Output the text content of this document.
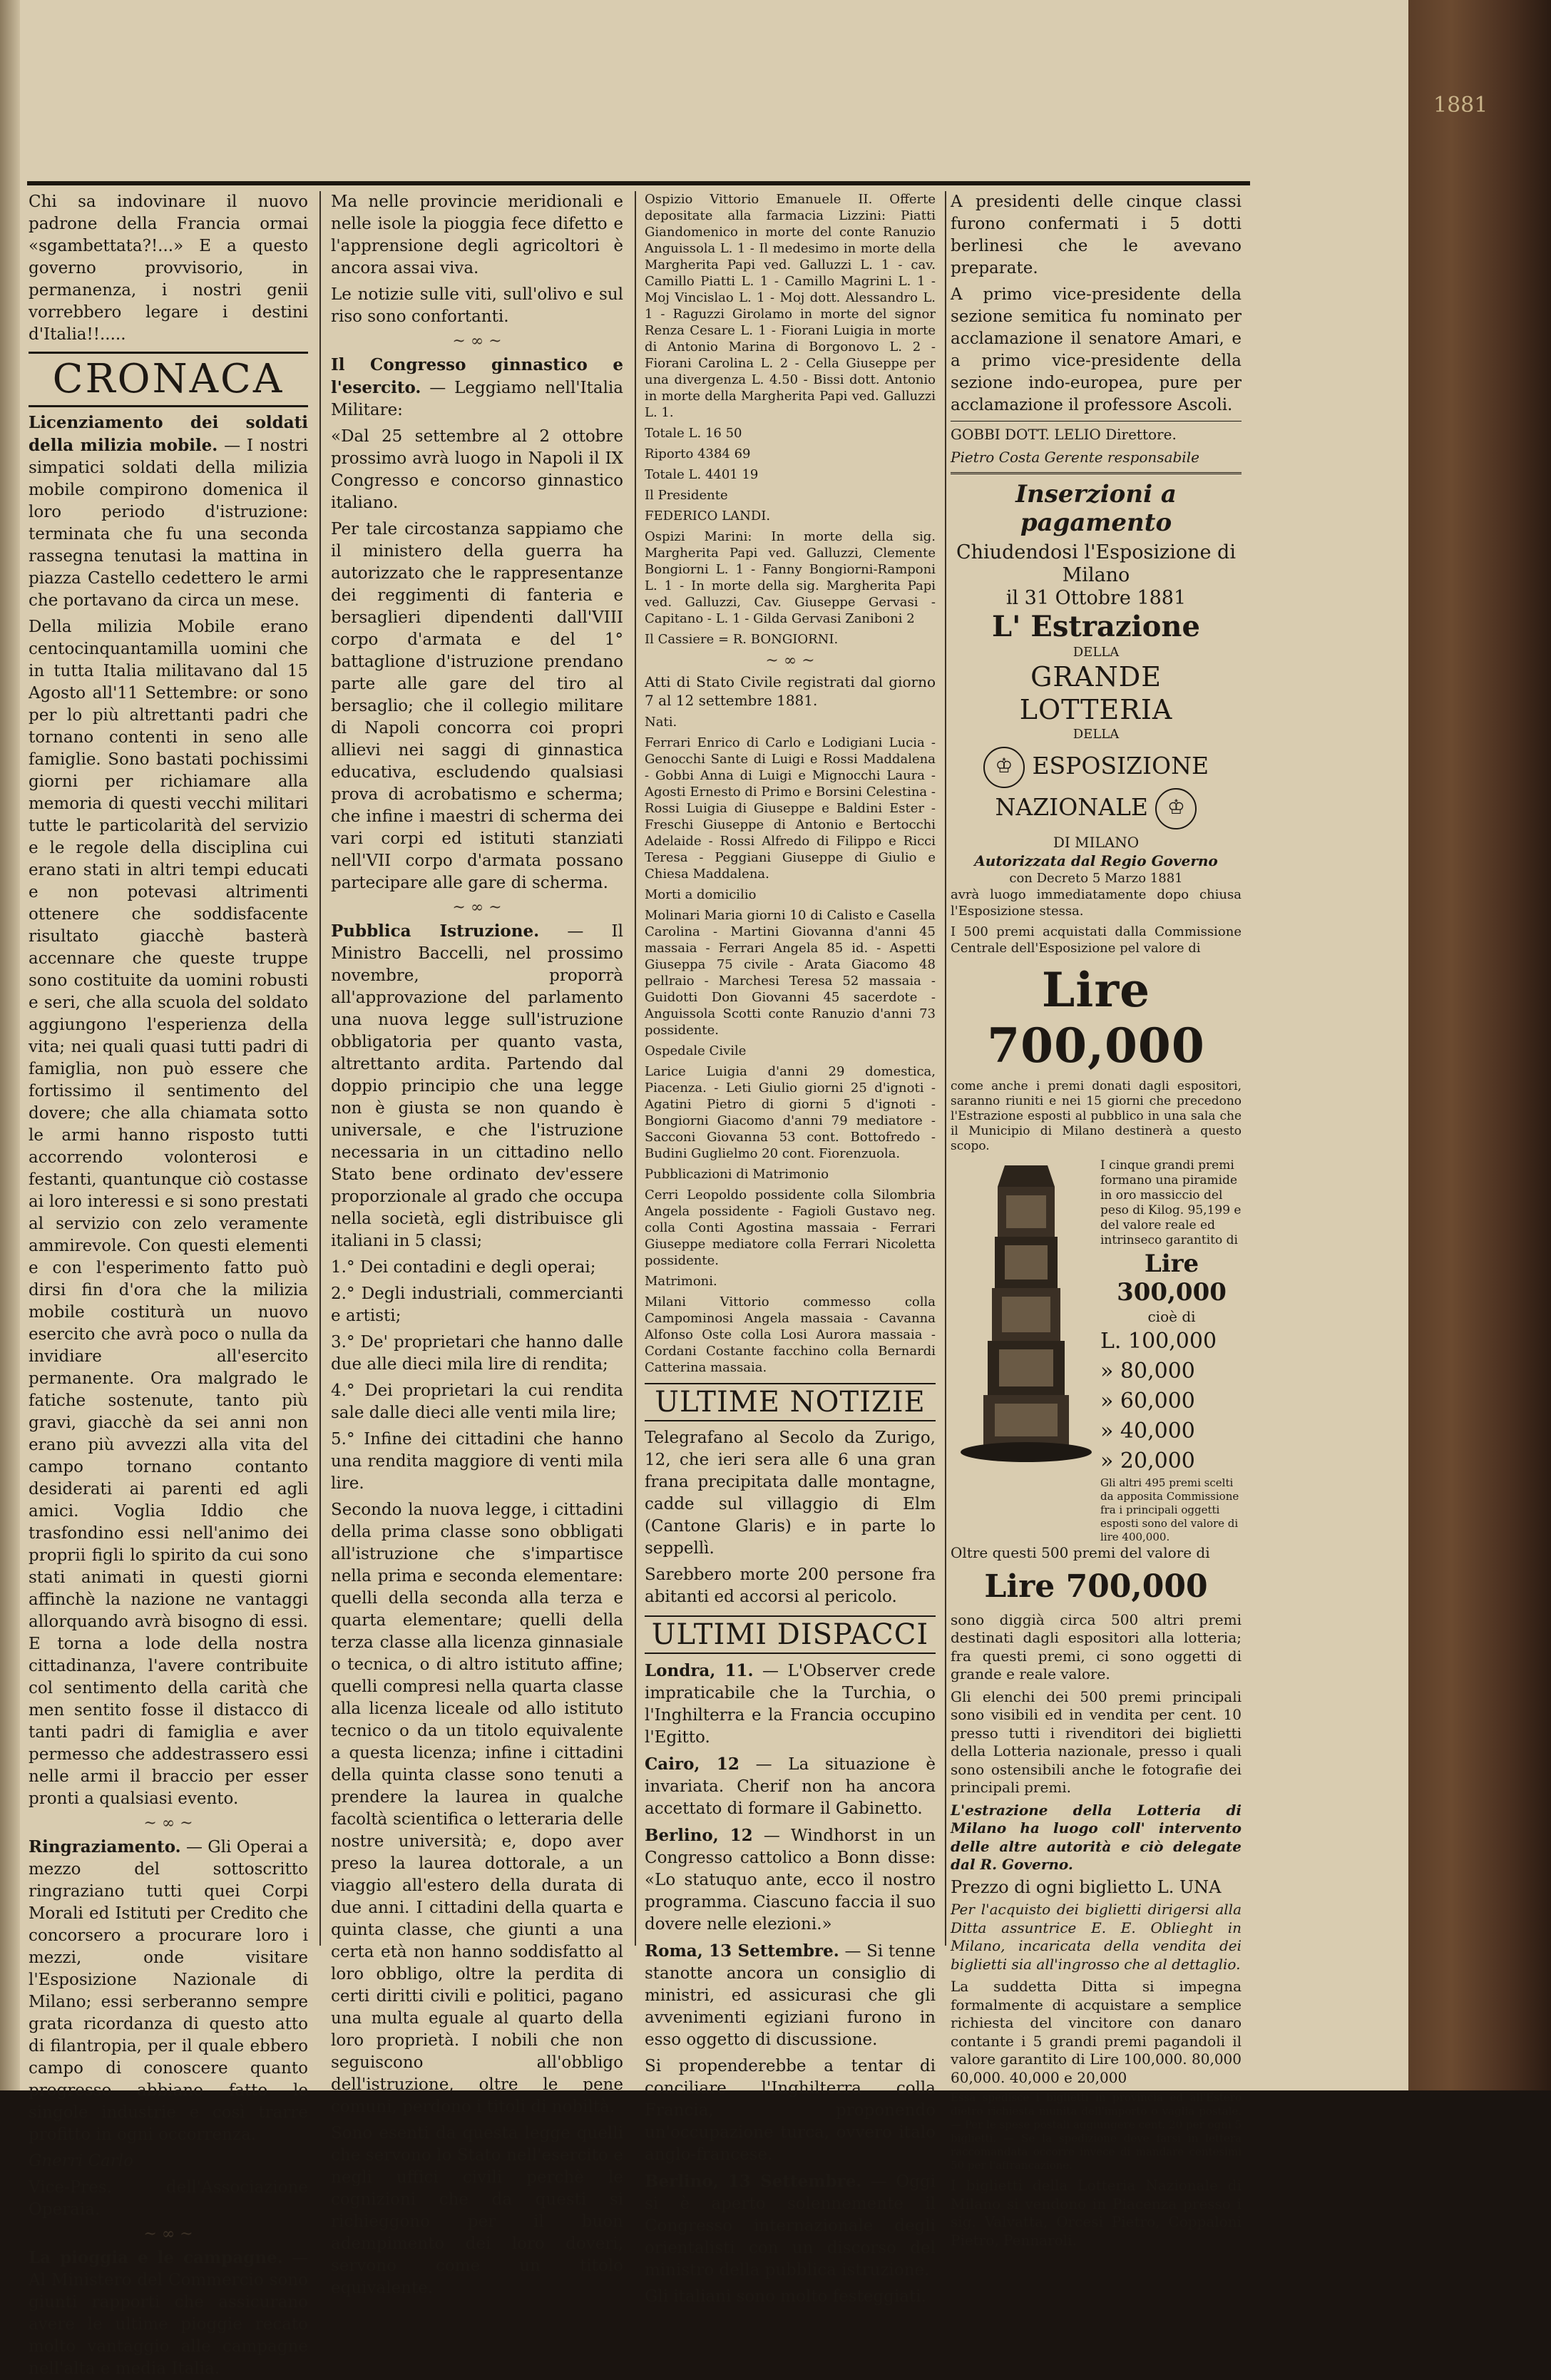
1881

Chi sa indovinare il nuovo padrone della Francia ormai «sgambettata?!...» E a questo governo provvisorio, in permanenza, i nostri genii vorrebbero legare i destini d'Italia!!.....

CRONACA

Licenziamento dei soldati della milizia mobile. — I nostri simpatici soldati della milizia mobile compirono domenica il loro periodo d'istruzione: terminata che fu una seconda rassegna tenutasi la mattina in piazza Castello cedettero le armi che portavano da circa un mese.

Della milizia Mobile erano centocinquantamilla uomini che in tutta Italia militavano dal 15 Agosto all'11 Settembre: or sono per lo più altrettanti padri che tornano contenti in seno alle famiglie. Sono bastati pochissimi giorni per richiamare alla memoria di questi vecchi militari tutte le particolarità del servizio e le regole della disciplina cui erano stati in altri tempi educati e non potevasi altrimenti ottenere che soddisfacente risultato giacchè basterà accennare che queste truppe sono costituite da uomini robusti e seri, che alla scuola del soldato aggiungono l'esperienza della vita; nei quali quasi tutti padri di famiglia, non può essere che fortissimo il sentimento del dovere; che alla chiamata sotto le armi hanno risposto tutti accorrendo volonterosi e festanti, quantunque ciò costasse ai loro interessi e si sono prestati al servizio con zelo veramente ammirevole. Con questi elementi e con l'esperimento fatto può dirsi fin d'ora che la milizia mobile costiturà un nuovo esercito che avrà poco o nulla da invidiare all'esercito permanente. Ora malgrado le fatiche sostenute, tanto più gravi, giacchè da sei anni non erano più avvezzi alla vita del campo tornano contanto desiderati ai parenti ed agli amici. Voglia Iddio che trasfondino essi nell'animo dei proprii figli lo spirito da cui sono stati animati in questi giorni affinchè la nazione ne vantaggi allorquando avrà bisogno di essi. E torna a lode della nostra cittadinanza, l'avere contribuite col sentimento della carità che men sentito fosse il distacco di tanti padri di famiglia e aver permesso che addestrassero essi nelle armi il braccio per esser pronti a qualsiasi evento.

~ ∞ ~

Ringraziamento. — Gli Operai a mezzo del sottoscritto ringraziano tutti quei Corpi Morali ed Istituti per Credito che concorsero a procurare loro i mezzi, onde visitare l'Esposizione Nazionale di Milano; essi serberanno sempre grata ricordanza di questo atto di filantropia, per il quale ebbero campo di conoscere quanto progresso abbiano fatto le singole industrie e così trarre profitto in ogni occorrenza.

Gnerri Carlo

Vice-Pres. dell'Associazione Operaia.

~ ∞ ~

La pioggia e le campagne. — Al Ministero del Commercio sono giunti rapporti che assicurano avere le ultime pioggie recato molto vantaggio alle campagne nell'alta e media Italia.

Ma nelle provincie meridionali e nelle isole la pioggia fece difetto e l'apprensione degli agricoltori è ancora assai viva.

Le notizie sulle viti, sull'olivo e sul riso sono confortanti.

~ ∞ ~

Il Congresso ginnastico e l'esercito. — Leggiamo nell'Italia Militare:

«Dal 25 settembre al 2 ottobre prossimo avrà luogo in Napoli il IX Congresso e concorso ginnastico italiano.

Per tale circostanza sappiamo che il ministero della guerra ha autorizzato che le rappresentanze dei reggimenti di fanteria e bersaglieri dipendenti dall'VIII corpo d'armata e del 1° battaglione d'istruzione prendano parte alle gare del tiro al bersaglio; che il collegio militare di Napoli concorra coi propri allievi nei saggi di ginnastica educativa, escludendo qualsiasi prova di acrobatismo e scherma; che infine i maestri di scherma dei vari corpi ed istituti stanziati nell'VII corpo d'armata possano partecipare alle gare di scherma.

~ ∞ ~

Pubblica Istruzione. — Il Ministro Baccelli, nel prossimo novembre, proporrà all'approvazione del parlamento una nuova legge sull'istruzione obbligatoria per quanto vasta, altrettanto ardita. Partendo dal doppio principio che una legge non è giusta se non quando è universale, e che l'istruzione necessaria in un cittadino nello Stato bene ordinato dev'essere proporzionale al grado che occupa nella società, egli distribuisce gli italiani in 5 classi;

1.° Dei contadini e degli operai;

2.° Degli industriali, commercianti e artisti;

3.° De' proprietari che hanno dalle due alle dieci mila lire di rendita;

4.° Dei proprietari la cui rendita sale dalle dieci alle venti mila lire;

5.° Infine dei cittadini che hanno una rendita maggiore di venti mila lire.

Secondo la nuova legge, i cittadini della prima classe sono obbligati all'istruzione che s'impartisce nella prima e seconda elementare: quelli della seconda alla terza e quarta elementare; quelli della terza classe alla licenza ginnasiale o tecnica, o di altro istituto affine; quelli compresi nella quarta classe alla licenza liceale od allo istituto tecnico o da un titolo equivalente a questa licenza; infine i cittadini della quinta classe sono tenuti a prendere la laurea in qualche facoltà scientifica o letteraria delle nostre università; e, dopo aver preso la laurea dottorale, a un viaggio all'estero della durata di due anni. I cittadini della quarta e quinta classe, che giunti a una certa età non hanno soddisfatto al loro obbligo, oltre la perdita di certi diritti civili e politici, pagano una multa eguale al quarto della loro proprietà. I nobili che non seguiscono all'obbligo dell'istruzione, oltre le pene comuni, perdono i titoli di nobiltà.

Sono esenti da questa legge quelli che servono lo Stato nell'esercito e negli uffici civili perchè le cognizioni che da questi si richieggono per il buon adempimento dei loro doveri, servono come un titolo equivalente.

Ospizio Vittorio Emanuele II. Offerte depositate alla farmacia Lizzini: Piatti Giandomenico in morte del conte Ranuzio Anguissola L. 1 - Il medesimo in morte della Margherita Papi ved. Galluzzi L. 1 - cav. Camillo Piatti L. 1 - Camillo Magrini L. 1 - Moj Vincislao L. 1 - Moj dott. Alessandro L. 1 - Raguzzi Girolamo in morte del signor Renza Cesare L. 1 - Fiorani Luigia in morte di Antonio Marina di Borgonovo L. 2 - Fiorani Carolina L. 2 - Cella Giuseppe per una divergenza L. 4.50 - Bissi dott. Antonio in morte della Margherita Papi ved. Galluzzi L. 1.

Totale L. 16 50

Riporto 4384 69

Totale L. 4401 19

Il Presidente

FEDERICO LANDI.

Ospizi Marini: In morte della sig. Margherita Papi ved. Galluzzi, Clemente Bongiorni L. 1 - Fanny Bongiorni-Ramponi L. 1 - In morte della sig. Margherita Papi ved. Galluzzi, Cav. Giuseppe Gervasi - Capitano - L. 1 - Gilda Gervasi Zaniboni 2

Il Cassiere = R. BONGIORNI.

~ ∞ ~

Atti di Stato Civile registrati dal giorno 7 al 12 settembre 1881.

Nati.

Ferrari Enrico di Carlo e Lodigiani Lucia - Genocchi Sante di Luigi e Rossi Maddalena - Gobbi Anna di Luigi e Mignocchi Laura - Agosti Ernesto di Primo e Borsini Celestina - Rossi Luigia di Giuseppe e Baldini Ester - Freschi Giuseppe di Antonio e Bertocchi Adelaide - Rossi Alfredo di Filippo e Ricci Teresa - Peggiani Giuseppe di Giulio e Chiesa Maddalena.

Morti a domicilio

Molinari Maria giorni 10 di Calisto e Casella Carolina - Martini Giovanna d'anni 45 massaia - Ferrari Angela 85 id. - Aspetti Giuseppa 75 civile - Arata Giacomo 48 pellraio - Marchesi Teresa 52 massaia - Guidotti Don Giovanni 45 sacerdote - Anguissola Scotti conte Ranuzio d'anni 73 possidente.

Ospedale Civile

Larice Luigia d'anni 29 domestica, Piacenza. - Leti Giulio giorni 25 d'ignoti - Agatini Pietro di giorni 5 d'ignoti - Bongiorni Giacomo d'anni 79 mediatore - Sacconi Giovanna 53 cont. Bottofredo - Budini Guglielmo 20 cont. Fiorenzuola.

Pubblicazioni di Matrimonio

Cerri Leopoldo possidente colla Silombria Angela possidente - Fagioli Gustavo neg. colla Conti Agostina massaia - Ferrari Giuseppe mediatore colla Ferrari Nicoletta possidente.

Matrimoni.

Milani Vittorio commesso colla Campominosi Angela massaia - Cavanna Alfonso Oste colla Losi Aurora massaia - Cordani Costante facchino colla Bernardi Catterina massaia.

ULTIME NOTIZIE

Telegrafano al Secolo da Zurigo, 12, che ieri sera alle 6 una gran frana precipitata dalle montagne, cadde sul villaggio di Elm (Cantone Glaris) e in parte lo seppellì.

Sarebbero morte 200 persone fra abitanti ed accorsi al pericolo.

ULTIMI DISPACCI

Londra, 11. — L'Observer crede impraticabile che la Turchia, o l'Inghilterra e la Francia occupino l'Egitto.

Cairo, 12 — La situazione è invariata. Cherif non ha ancora accettato di formare il Gabinetto.

Berlino, 12 — Windhorst in un Congresso cattolico a Bonn disse: «Lo statuquo ante, ecco il nostro programma. Ciascuno faccia il suo dovere nelle elezioni.»

Roma, 13 Settembre. — Si tenne stanotte ancora un consiglio di ministri, ed assicurasi che gli avvenimenti egiziani furono in esso oggetto di discussione.

Si propenderebbe a tentar di conciliare l'Inghilterra colla Francia, proponendo un'occupazione turca, ovvero italo anglo-francese.

Berlino, 13 Settembre. — Oggi si è aperto solennemente il Congresso internazionale degli orientalisti con un discorso del ministro della pubblica istruzione.

Gli italiani sono molto festeggiati.

A presidenti delle cinque classi furono confermati i 5 dotti berlinesi che le avevano preparate.

A primo vice-presidente della sezione semitica fu nominato per acclamazione il senatore Amari, e a primo vice-presidente della sezione indo-europea, pure per acclamazione il professore Ascoli.

GOBBI DOTT. LELIO Direttore.

Pietro Costa Gerente responsabile

Inserzioni a pagamento
Chiudendosi l'Esposizione di Milano
il 31 Ottobre 1881
L' Estrazione
DELLA
GRANDE LOTTERIA
DELLA
♔ ESPOSIZIONE NAZIONALE ♔
DI MILANO
Autorizzata dal Regio Governo
con Decreto 5 Marzo 1881

avrà luogo immediatamente dopo chiusa l'Esposizione stessa.

I 500 premi acquistati dalla Commissione Centrale dell'Esposizione pel valore di

Lire 700,000

come anche i premi donati dagli espositori, saranno riuniti e nei 15 giorni che precedono l'Estrazione esposti al pubblico in una sala che il Municipio di Milano destinerà a questo scopo.

I cinque grandi premi formano una piramide in oro massiccio del peso di Kilog. 95,199 e del valore reale ed intrinseco garantito di
Lire 300,000
cioè di
L. 100,000
» 80,000
» 60,000
» 40,000
» 20,000
Gli altri 495 premi scelti da apposita Commissione fra i principali oggetti esposti sono del valore di lire 400,000.

Oltre questi 500 premi del valore di

Lire 700,000

sono diggià circa 500 altri premi destinati dagli espositori alla lotteria; fra questi premi, ci sono oggetti di grande e reale valore.

Gli elenchi dei 500 premi principali sono visibili ed in vendita per cent. 10 presso tutti i rivenditori dei biglietti della Lotteria nazionale, presso i quali sono ostensibili anche le fotografie dei principali premi.

L'estrazione della Lotteria di Milano ha luogo coll' intervento delle altre autorità e ciò delegate dal R. Governo.

Prezzo di ogni biglietto L. UNA

Per l'acquisto dei biglietti dirigersi alla Ditta assuntrice E. E. Oblieght in Milano, incaricata della vendita dei biglietti sia all'ingrosso che al dettaglio.

La suddetta Ditta si impegna formalmente di acquistare a semplice richiesta del vincitore con danaro contante i 5 grandi premi pagandoli il valore garantito di Lire 100,000. 80,000 60,000. 40,000 e 20,000

Essa spedisce i biglietti in provincia ed all'Estero dietro richiesta munita dell'importo o vaglia postale. — Per le spese postali aggiungere cent. 20 per ogni 5 biglietti. — Se la spedizione deve farsi in lettera raccomandata occorre invece di mandare centesimi 50 per l'affrancazione.

I biglietti della Lotteria Nazionale di Milano si vendono in Piacenza presso i sig. Valvatta, Orcesi Pietro, Coppaloni Pietro, Pennaroli.
